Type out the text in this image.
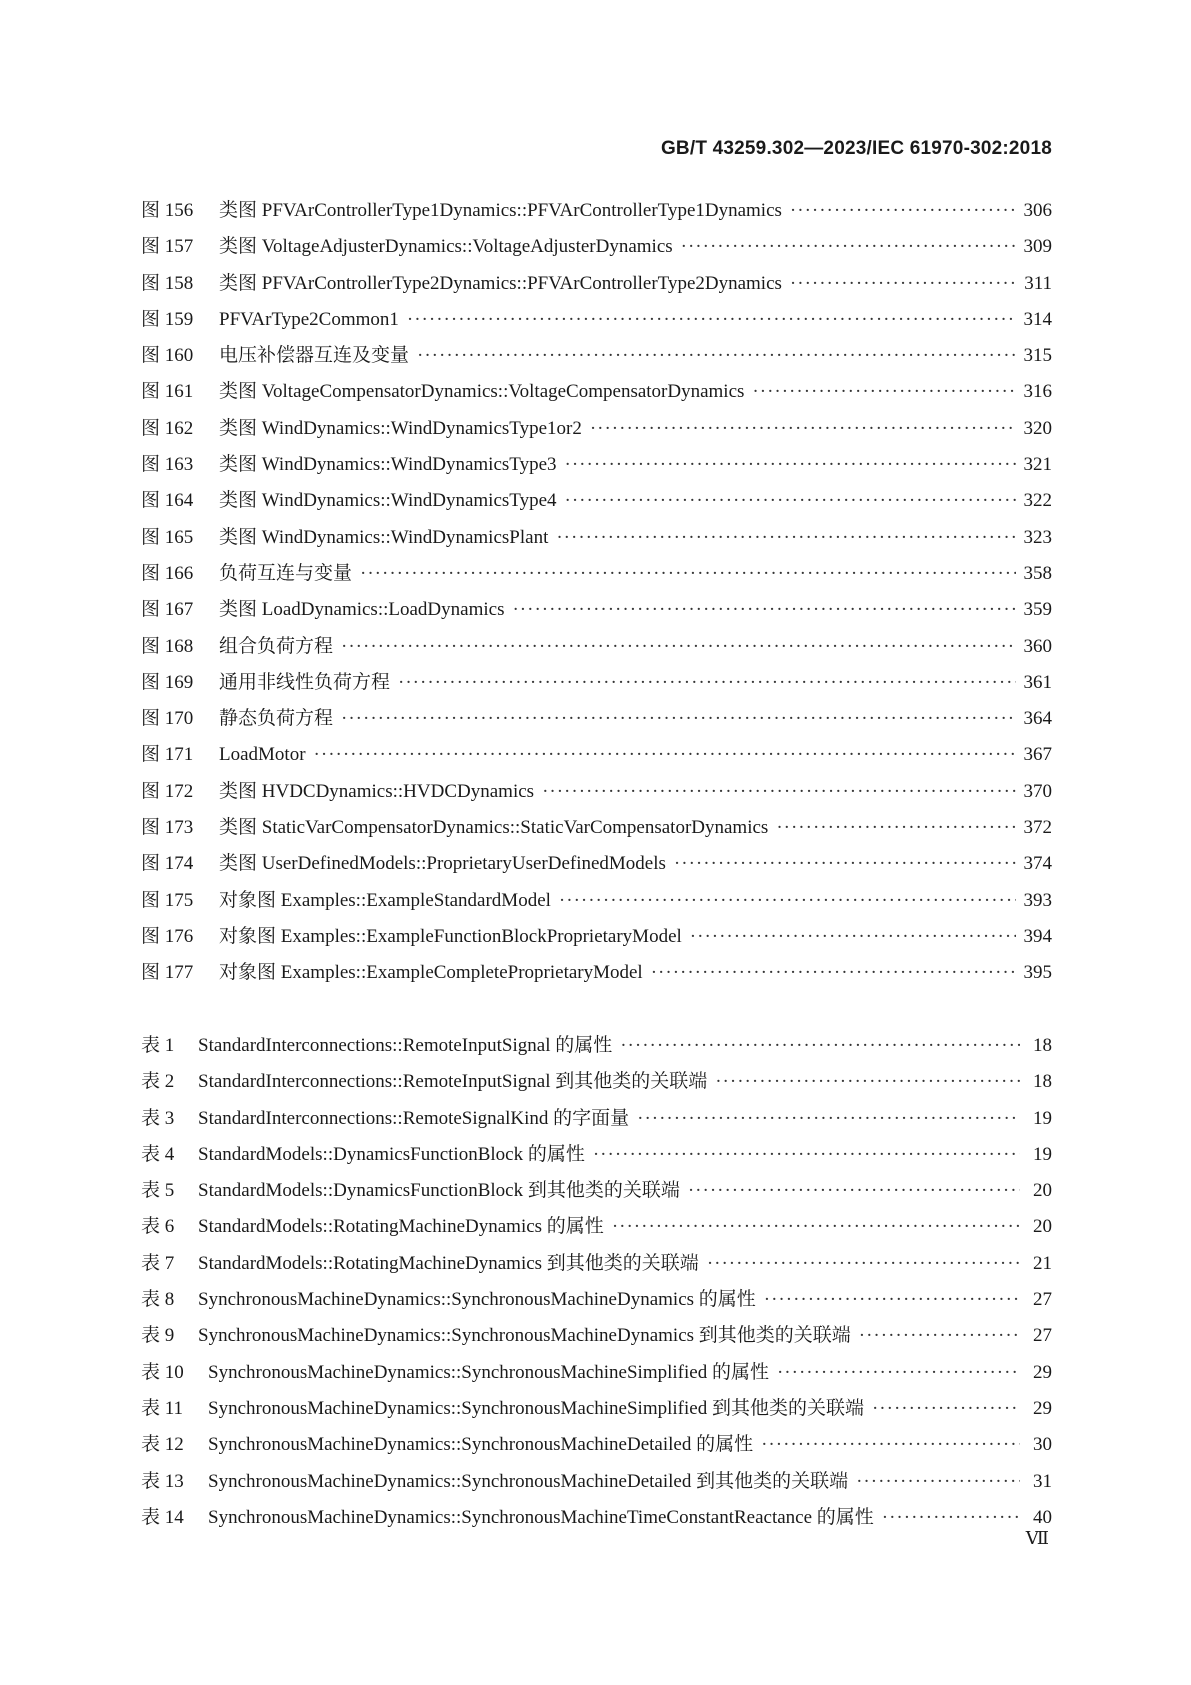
GB/T 43259.302—2023/IEC 61970-302:2018
图 156	类图 PFVArControllerType1Dynamics::PFVArControllerType1Dynamics ·····	306
图 157	类图 VoltageAdjusterDynamics::VoltageAdjusterDynamics ·····	309
图 158	类图 PFVArControllerType2Dynamics::PFVArControllerType2Dynamics ·····	311
图 159	PFVArType2Common1 ·····	314
图 160	电压补偿器互连及变量 ·····	315
图 161	类图 VoltageCompensatorDynamics::VoltageCompensatorDynamics ·····	316
图 162	类图 WindDynamics::WindDynamicsType1or2 ·····	320
图 163	类图 WindDynamics::WindDynamicsType3 ·····	321
图 164	类图 WindDynamics::WindDynamicsType4 ·····	322
图 165	类图 WindDynamics::WindDynamicsPlant ·····	323
图 166	负荷互连与变量 ·····	358
图 167	类图 LoadDynamics::LoadDynamics ·····	359
图 168	组合负荷方程 ·····	360
图 169	通用非线性负荷方程 ·····	361
图 170	静态负荷方程 ·····	364
图 171	LoadMotor ·····	367
图 172	类图 HVDCDynamics::HVDCDynamics ·····	370
图 173	类图 StaticVarCompensatorDynamics::StaticVarCompensatorDynamics ·····	372
图 174	类图 UserDefinedModels::ProprietaryUserDefinedModels ·····	374
图 175	对象图 Examples::ExampleStandardModel ·····	393
图 176	对象图 Examples::ExampleFunctionBlockProprietaryModel ·····	394
图 177	对象图 Examples::ExampleCompleteProprietaryModel ·····	395
表 1	StandardInterconnections::RemoteInputSignal 的属性 ·····	18
表 2	StandardInterconnections::RemoteInputSignal 到其他类的关联端 ·····	18
表 3	StandardInterconnections::RemoteSignalKind 的字面量 ·····	19
表 4	StandardModels::DynamicsFunctionBlock 的属性 ·····	19
表 5	StandardModels::DynamicsFunctionBlock 到其他类的关联端 ·····	20
表 6	StandardModels::RotatingMachineDynamics 的属性 ·····	20
表 7	StandardModels::RotatingMachineDynamics 到其他类的关联端 ·····	21
表 8	SynchronousMachineDynamics::SynchronousMachineDynamics 的属性 ·····	27
表 9	SynchronousMachineDynamics::SynchronousMachineDynamics 到其他类的关联端 ·····	27
表 10	SynchronousMachineDynamics::SynchronousMachineSimplified 的属性 ·····	29
表 11	SynchronousMachineDynamics::SynchronousMachineSimplified 到其他类的关联端 ·····	29
表 12	SynchronousMachineDynamics::SynchronousMachineDetailed 的属性 ·····	30
表 13	SynchronousMachineDynamics::SynchronousMachineDetailed 到其他类的关联端 ·····	31
表 14	SynchronousMachineDynamics::SynchronousMachineTimeConstantReactance 的属性 ·····	40
Ⅶ
